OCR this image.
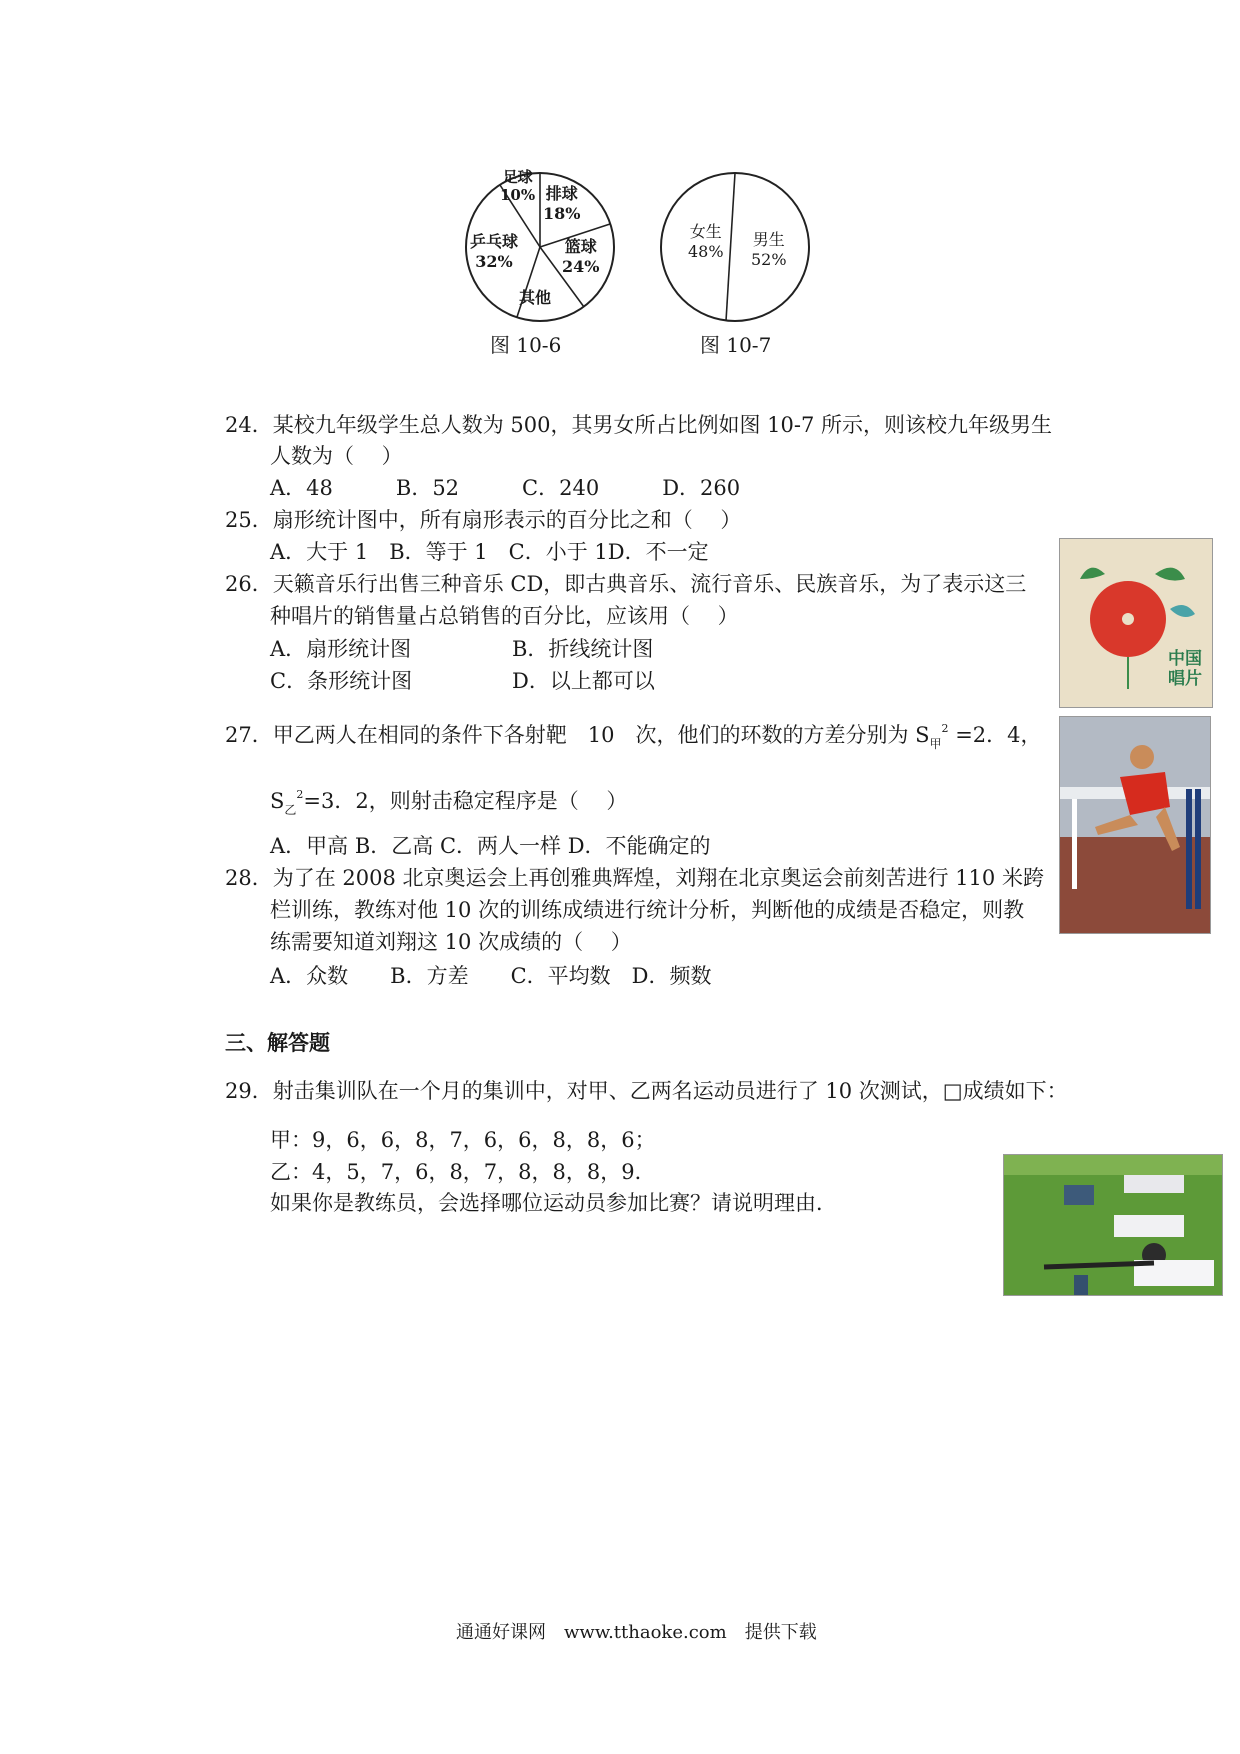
足球
10% 排球
18%
篮球
24%
其他
乒乓球
32%
图 10-6
女生
48%
男生
52%
图 10-7
24．某校九年级学生总人数为 500，其男女所占比例如图 10-7 所示，则该校九年级男生
人数为（　 ）
A．48　　　B．52　　　C．240　　　D．260
25．扇形统计图中，所有扇形表示的百分比之和（　 ）
A．大于 1　B．等于 1　C．小于 1D．不一定
中国
唱片
26．天籁音乐行出售三种音乐 CD，即古典音乐、流行音乐、民族音乐，为了表示这三
种唱片的销售量占总销售的百分比，应该用（　 ）
A．扇形统计图	B．折线统计图
C．条形统计图	D．以上都可以
27．甲乙两人在相同的条件下各射靶　10　次，他们的环数的方差分别为 $S_甲^2 =2$．4，
$S_乙^2=3$．2，则射击稳定程序是（　 ）
A．甲高 B．乙高 C．两人一样 D．不能确定的
28．为了在 2008 北京奥运会上再创雅典辉煌，刘翔在北京奥运会前刻苦进行 110 米跨
栏训练，教练对他 10 次的训练成绩进行统计分析，判断他的成绩是否稳定，则教
练需要知道刘翔这 10 次成绩的（　 ）
A．众数　　B．方差　　C．平均数　D．频数
三、解答题
29．射击集训队在一个月的集训中，对甲、乙两名运动员进行了 10 次测试，□成绩如下：
甲：9，6，6，8，7，6，6，8，8，6；
乙：4，5，7，6，8，7，8，8，8，9．
如果你是教练员，会选择哪位运动员参加比赛？请说明理由．
通通好课网　www.tthaoke.com　提供下载
